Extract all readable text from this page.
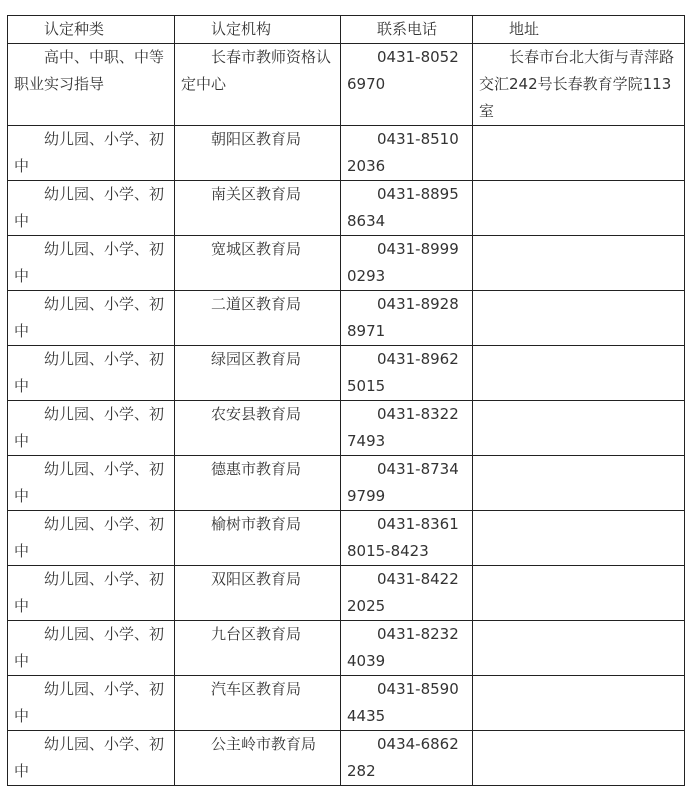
认定种类	认定机构	联系电话	地址
高中、中职、中等职业实习指导	长春市教师资格认定中心	0431-80526970	长春市台北大街与青萍路交汇242号长春教育学院113室
幼儿园、小学、初中	朝阳区教育局	0431-85102036	
幼儿园、小学、初中	南关区教育局	0431-88958634	
幼儿园、小学、初中	宽城区教育局	0431-89990293	
幼儿园、小学、初中	二道区教育局	0431-89288971	
幼儿园、小学、初中	绿园区教育局	0431-89625015	
幼儿园、小学、初中	农安县教育局	0431-83227493	
幼儿园、小学、初中	德惠市教育局	0431-87349799	
幼儿园、小学、初中	榆树市教育局	0431-83618015-8423	
幼儿园、小学、初中	双阳区教育局	0431-84222025	
幼儿园、小学、初中	九台区教育局	0431-82324039	
幼儿园、小学、初中	汽车区教育局	0431-85904435	
幼儿园、小学、初中	公主岭市教育局	0434-6862282	
